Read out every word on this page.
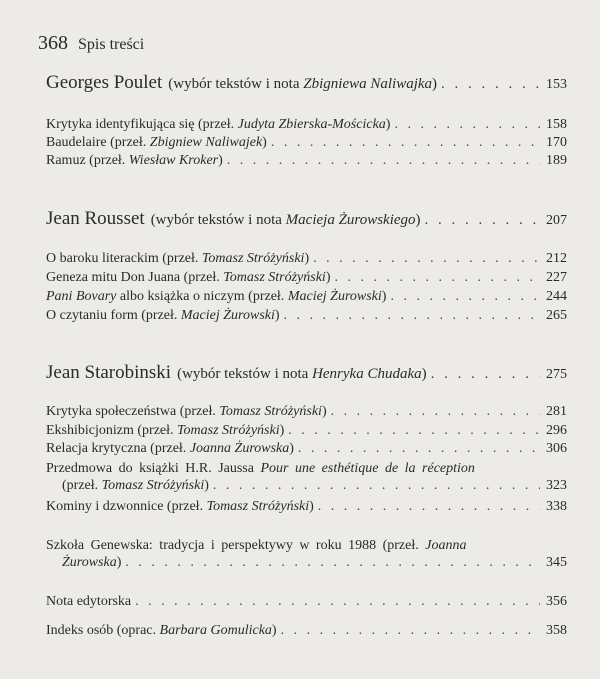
368 Spis treści
Georges Poulet (wybór tekstów i nota Zbigniewa Naliwajka) . . .	153
Krytyka identyfikująca się (przeł. Judyta Zbierska-Mościcka) . . .	158
Baudelaire (przeł. Zbigniew Naliwajek) . . .	170
Ramuz (przeł. Wiesław Kroker) . . .	189
Jean Rousset (wybór tekstów i nota Macieja Żurowskiego) . . .	207
O baroku literackim (przeł. Tomasz Stróżyński) . . .	212
Geneza mitu Don Juana (przeł. Tomasz Stróżyński) . . .	227
Pani Bovary albo książka o niczym (przeł. Maciej Żurowski) . . .	244
O czytaniu form (przeł. Maciej Żurowski) . . .	265
Jean Starobinski (wybór tekstów i nota Henryka Chudaka) . . .	275
Krytyka społeczeństwa (przeł. Tomasz Stróżyński) . . .	281
Ekshibicjonizm (przeł. Tomasz Stróżyński) . . .	296
Relacja krytyczna (przeł. Joanna Żurowska) . . .	306
Przedmowa do książki H.R. Jaussa Pour une esthétique de la réception
(przeł. Tomasz Stróżyński) . . .	323
Kominy i dzwonnice (przeł. Tomasz Stróżyński) . . .	338
Szkoła Genewska: tradycja i perspektywy w roku 1988 (przeł. Joanna
Żurowska) . . .	345
Nota edytorska . . .	356
Indeks osób (oprac. Barbara Gomulicka) . . .	358
